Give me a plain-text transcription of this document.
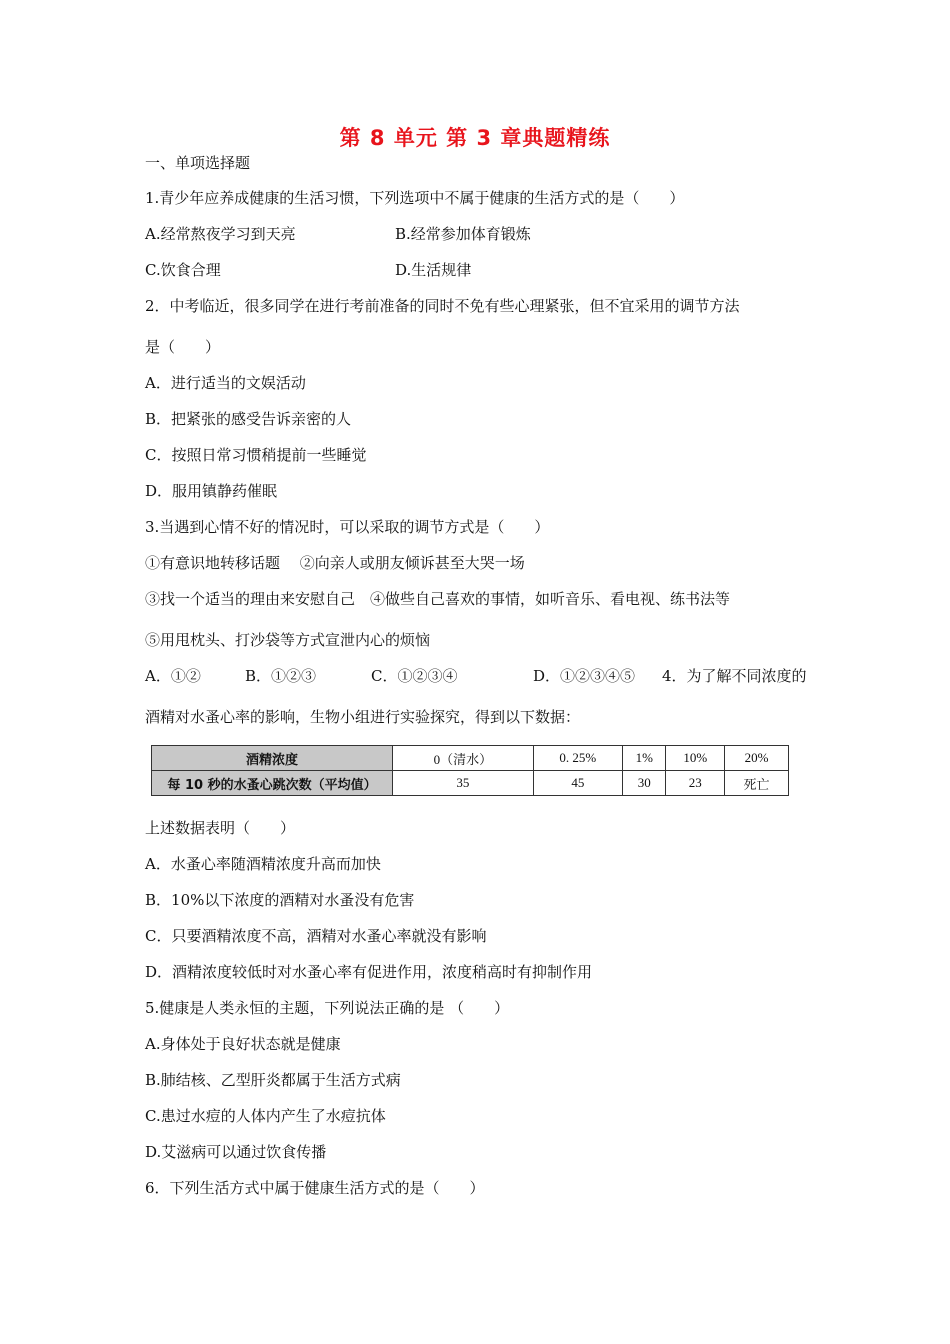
第 8 单元 第 3 章典题精练
一、单项选择题
1.青少年应养成健康的生活习惯，下列选项中不属于健康的生活方式的是（　　）
A.经常熬夜学习到天亮	B.经常参加体育锻炼
C.饮食合理	D.生活规律
2．中考临近，很多同学在进行考前准备的同时不免有些心理紧张，但不宜采用的调节方法
是（　　）
A．进行适当的文娱活动
B．把紧张的感受告诉亲密的人
C．按照日常习惯稍提前一些睡觉
D．服用镇静药催眠
3.当遇到心情不好的情况时，可以采取的调节方式是（　　）
①有意识地转移话题　 ②向亲人或朋友倾诉甚至大哭一场
③找一个适当的理由来安慰自己　④做些自己喜欢的事情，如听音乐、看电视、练书法等
⑤用甩枕头、打沙袋等方式宣泄内心的烦恼
A．①②	B．①②③	C．①②③④	D．①②③④⑤ 4．为了解不同浓度的
酒精对水蚤心率的影响，生物小组进行实验探究，得到以下数据：
酒精浓度	0（清水）	0. 25%	1%	10%	20%
每 10 秒的水蚤心跳次数（平均值）	35	45	30	23	死亡
上述数据表明（　　）
A．水蚤心率随酒精浓度升高而加快
B．10%以下浓度的酒精对水蚤没有危害
C．只要酒精浓度不高，酒精对水蚤心率就没有影响
D．酒精浓度较低时对水蚤心率有促进作用，浓度稍高时有抑制作用
5.健康是人类永恒的主题，下列说法正确的是 （　　）
A.身体处于良好状态就是健康
B.肺结核、乙型肝炎都属于生活方式病
C.患过水痘的人体内产生了水痘抗体
D.艾滋病可以通过饮食传播
6．下列生活方式中属于健康生活方式的是（　　）
